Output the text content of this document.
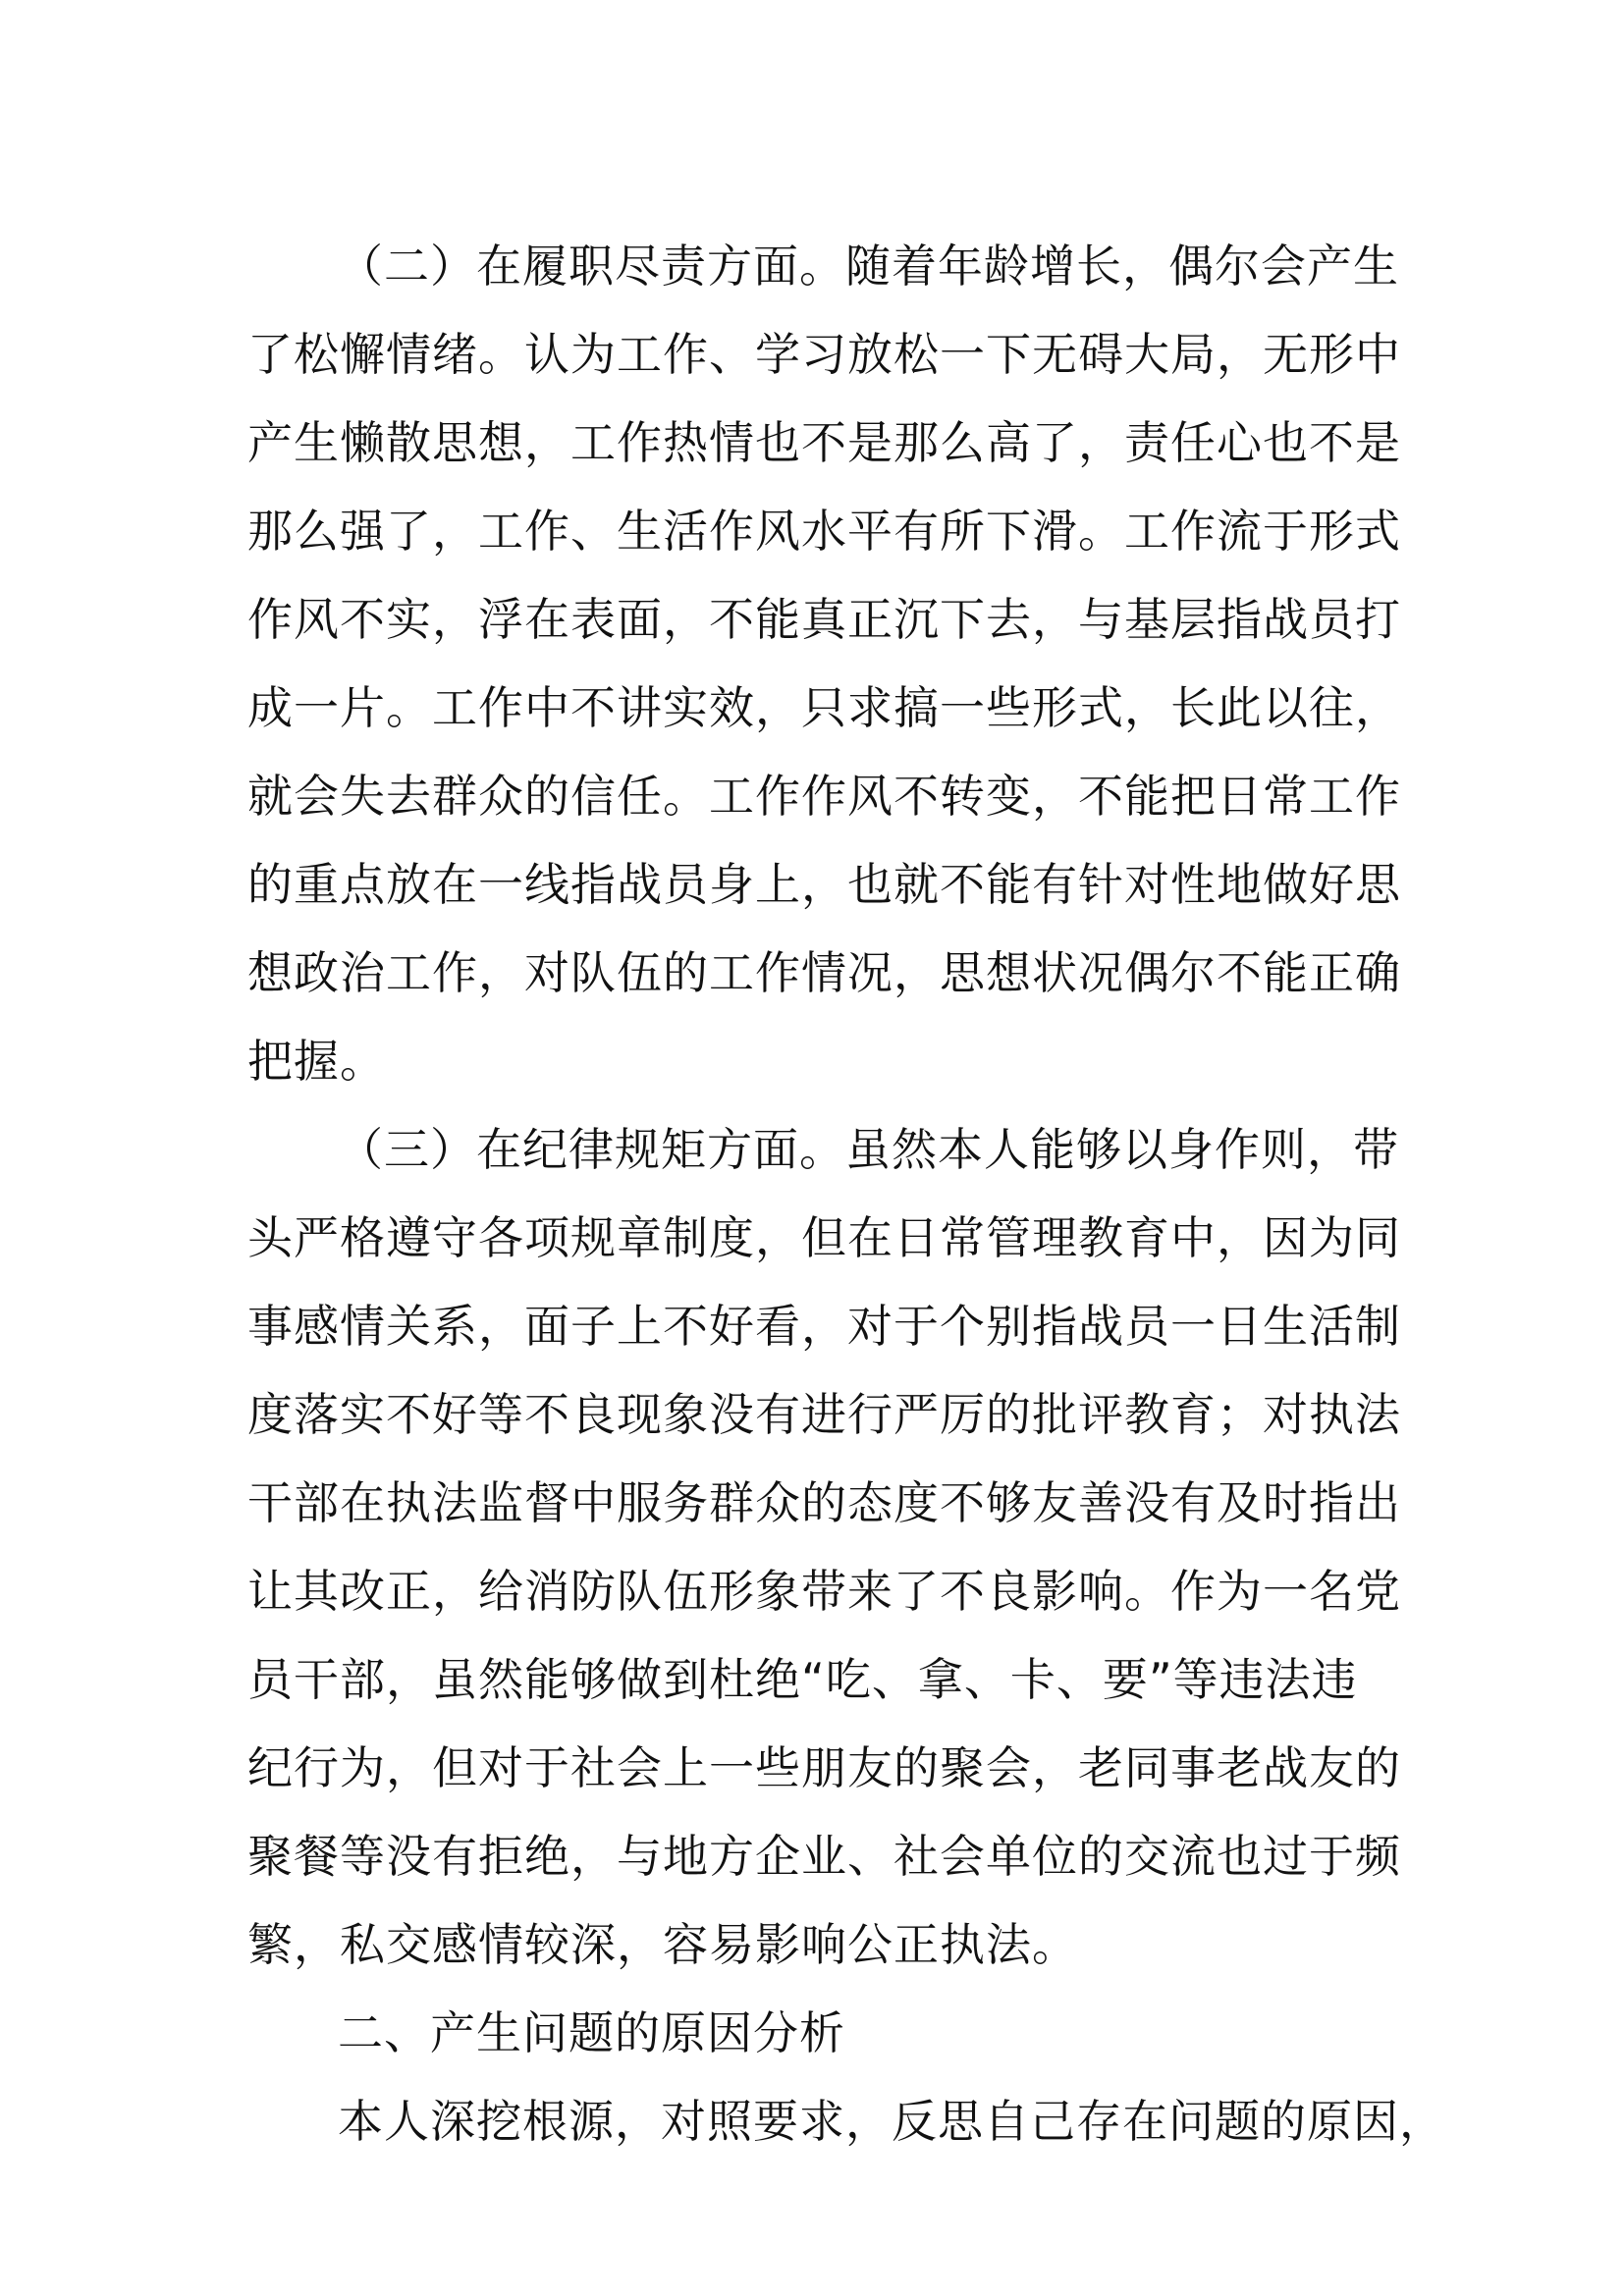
（二）在履职尽责方面。随着年龄增长，偶尔会产生
了松懈情绪。认为工作、学习放松一下无碍大局，无形中
产生懒散思想，工作热情也不是那么高了，责任心也不是
那么强了，工作、生活作风水平有所下滑。工作流于形式
作风不实，浮在表面，不能真正沉下去，与基层指战员打
成一片。工作中不讲实效，只求搞一些形式，长此以往，
就会失去群众的信任。工作作风不转变，不能把日常工作
的重点放在一线指战员身上，也就不能有针对性地做好思
想政治工作，对队伍的工作情况，思想状况偶尔不能正确
把握。
（三）在纪律规矩方面。虽然本人能够以身作则，带
头严格遵守各项规章制度，但在日常管理教育中，因为同
事感情关系，面子上不好看，对于个别指战员一日生活制
度落实不好等不良现象没有进行严厉的批评教育；对执法
干部在执法监督中服务群众的态度不够友善没有及时指出
让其改正，给消防队伍形象带来了不良影响。作为一名党
员干部，虽然能够做到杜绝“吃、拿、卡、要”等违法违
纪行为，但对于社会上一些朋友的聚会，老同事老战友的
聚餐等没有拒绝，与地方企业、社会单位的交流也过于频
繁，私交感情较深，容易影响公正执法。
二、产生问题的原因分析
本人深挖根源，对照要求，反思自己存在问题的原因，
